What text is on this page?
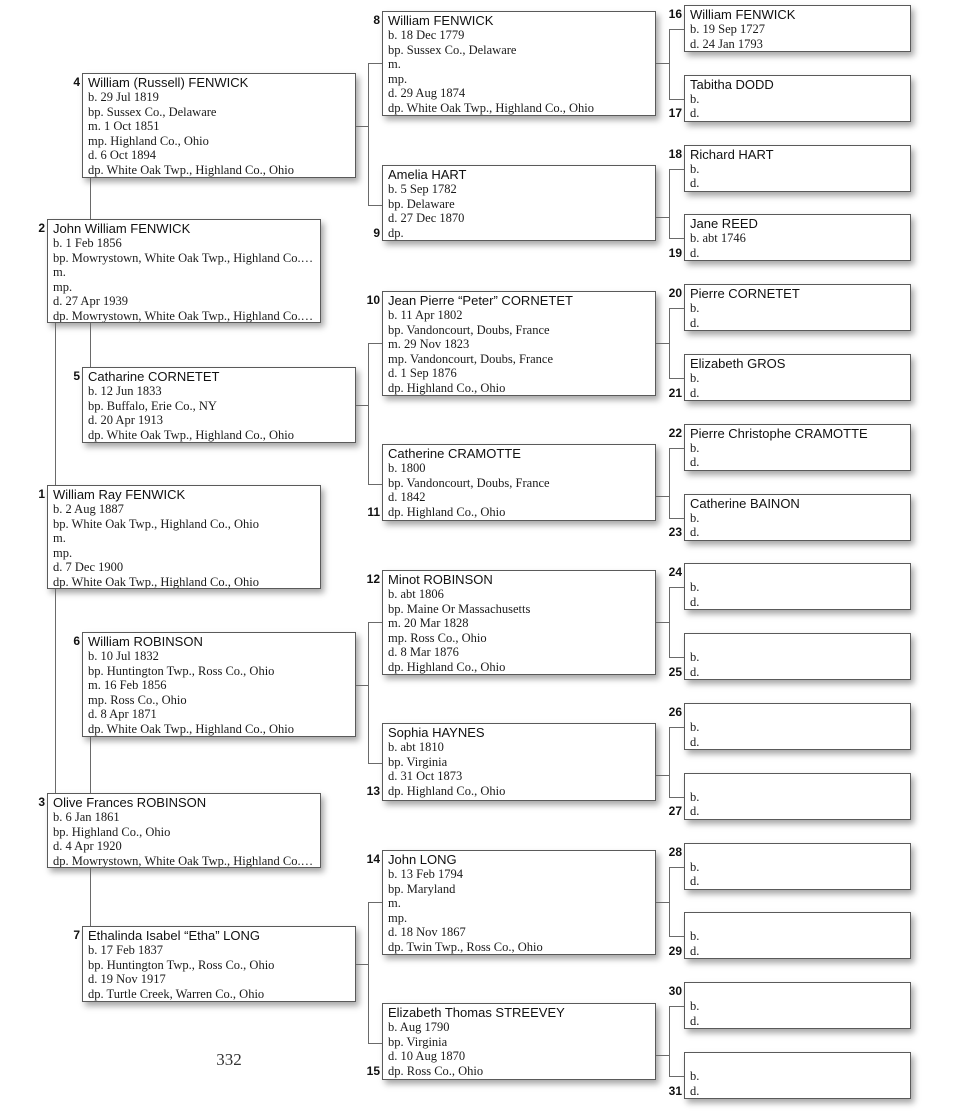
William Ray FENWICK
b. 2 Aug 1887
bp. White Oak Twp., Highland Co., Ohio
m.
mp.
d. 7 Dec 1900
dp. White Oak Twp., Highland Co., Ohio
1
John William FENWICK
b. 1 Feb 1856
bp. Mowrystown, White Oak Twp., Highland Co.…
m.
mp.
d. 27 Apr 1939
dp. Mowrystown, White Oak Twp., Highland Co.…
2
Olive Frances ROBINSON
b. 6 Jan 1861
bp. Highland Co., Ohio
d. 4 Apr 1920
dp. Mowrystown, White Oak Twp., Highland Co.…
3
William (Russell) FENWICK
b. 29 Jul 1819
bp. Sussex Co., Delaware
m. 1 Oct 1851
mp. Highland Co., Ohio
d. 6 Oct 1894
dp. White Oak Twp., Highland Co., Ohio
4
Catharine CORNETET
b. 12 Jun 1833
bp. Buffalo, Erie Co., NY
d. 20 Apr 1913
dp. White Oak Twp., Highland Co., Ohio
5
William ROBINSON
b. 10 Jul 1832
bp. Huntington Twp., Ross Co., Ohio
m. 16 Feb 1856
mp. Ross Co., Ohio
d. 8 Apr 1871
dp. White Oak Twp., Highland Co., Ohio
6
Ethalinda Isabel “Etha” LONG
b. 17 Feb 1837
bp. Huntington Twp., Ross Co., Ohio
d. 19 Nov 1917
dp. Turtle Creek, Warren Co., Ohio
7
William FENWICK
b. 18 Dec 1779
bp. Sussex Co., Delaware
m.
mp.
d. 29 Aug 1874
dp. White Oak Twp., Highland Co., Ohio
8
Amelia HART
b. 5 Sep 1782
bp. Delaware
d. 27 Dec 1870
dp.
9
Jean Pierre “Peter” CORNETET
b. 11 Apr 1802
bp. Vandoncourt, Doubs, France
m. 29 Nov 1823
mp. Vandoncourt, Doubs, France
d. 1 Sep 1876
dp. Highland Co., Ohio
10
Catherine CRAMOTTE
b. 1800
bp. Vandoncourt, Doubs, France
d. 1842
dp. Highland Co., Ohio
11
Minot ROBINSON
b. abt 1806
bp. Maine Or Massachusetts
m. 20 Mar 1828
mp. Ross Co., Ohio
d. 8 Mar 1876
dp. Highland Co., Ohio
12
Sophia HAYNES
b. abt 1810
bp. Virginia
d. 31 Oct 1873
dp. Highland Co., Ohio
13
John LONG
b. 13 Feb 1794
bp. Maryland
m.
mp.
d. 18 Nov 1867
dp. Twin Twp., Ross Co., Ohio
14
Elizabeth Thomas STREEVEY
b. Aug 1790
bp. Virginia
d. 10 Aug 1870
dp. Ross Co., Ohio
15
William FENWICK
b. 19 Sep 1727
d. 24 Jan 1793
16
Tabitha DODD
b.
d.
17
Richard HART
b.
d.
18
Jane REED
b. abt 1746
d.
19
Pierre CORNETET
b.
d.
20
Elizabeth GROS
b.
d.
21
Pierre Christophe CRAMOTTE
b.
d.
22
Catherine BAINON
b.
d.
23
b.
d.
24
b.
d.
25
b.
d.
26
b.
d.
27
b.
d.
28
b.
d.
29
b.
d.
30
b.
d.
31
332
